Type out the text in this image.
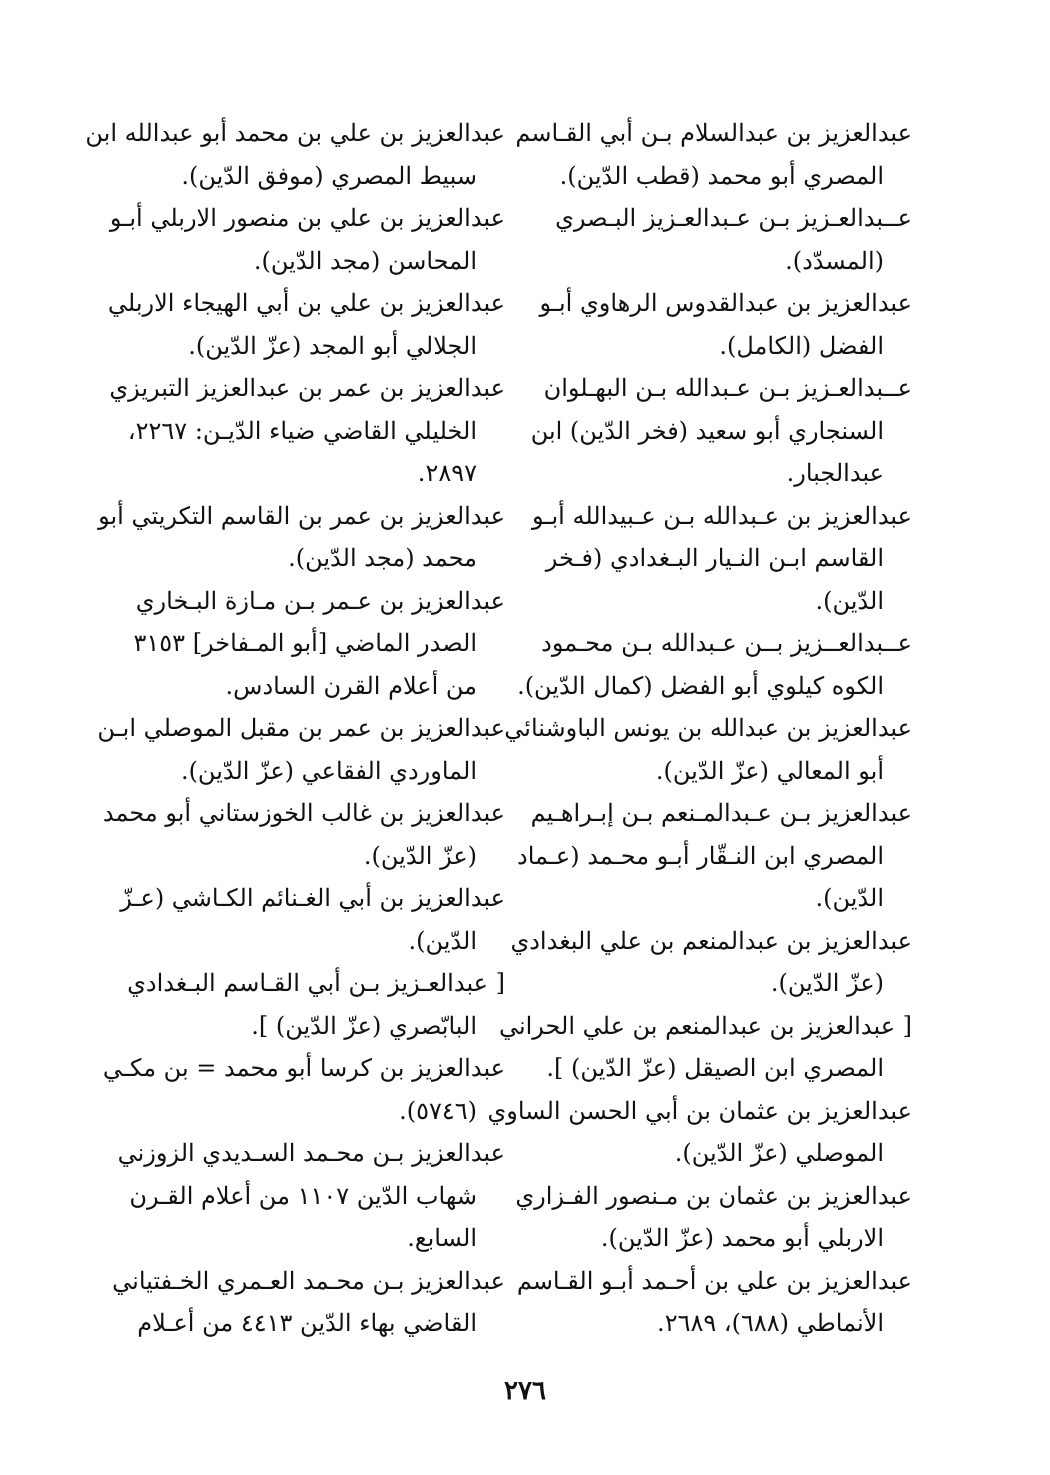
عبدالعزيز بن عبدالسلام بـن أبي القـاسم
المصري أبو محمد (قطب الدّين).
عــبدالعـزيز بـن عـبدالعـزيز البـصري
(المسدّد).
عبدالعزيز بن عبدالقدوس الرهاوي أبـو
الفضل (الكامل).
عــبدالعـزيز بـن عـبدالله بـن البهـلوان
السنجاري أبو سعيد (فخر الدّين) ابن
عبدالجبار.
عبدالعزيز بن عـبدالله بـن عـبيدالله أبـو
القاسم ابـن النـيار البـغدادي (فـخر
الدّين).
عــبدالعــزيز بــن عـبدالله بـن محـمود
الكوه كيلوي أبو الفضل (كمال الدّين).
عبدالعزيز بن عبدالله بن يونس الباوشنائي
أبو المعالي (عزّ الدّين).
عبدالعزيز بـن عـبدالمـنعم بـن إبـراهـيم
المصري ابن النـقّار أبـو محـمد (عـماد
الدّين).
عبدالعزيز بن عبدالمنعم بن علي البغدادي
(عزّ الدّين).
[ عبدالعزيز بن عبدالمنعم بن علي الحراني
المصري ابن الصيقل (عزّ الدّين) ].
عبدالعزيز بن عثمان بن أبي الحسن الساوي
الموصلي (عزّ الدّين).
عبدالعزيز بن عثمان بن مـنصور الفـزاري
الاربلي أبو محمد (عزّ الدّين).
عبدالعزيز بن علي بن أحـمد أبـو القـاسم
الأنماطي (٦٨٨)، ٢٦٨٩.
عبدالعزيز بن علي بن محمد أبو عبدالله ابن
سبيط المصري (موفق الدّين).
عبدالعزيز بن علي بن منصور الاربلي أبـو
المحاسن (مجد الدّين).
عبدالعزيز بن علي بن أبي الهيجاء الاربلي
الجلالي أبو المجد (عزّ الدّين).
عبدالعزيز بن عمر بن عبدالعزيز التبريزي
الخليلي القاضي ضياء الدّيـن: ٢٢٦٧،
٢٨٩٧.
عبدالعزيز بن عمر بن القاسم التكريتي أبو
محمد (مجد الدّين).
عبدالعزيز بن عـمر بـن مـازة البـخاري
الصدر الماضي [أبو المـفاخر] ٣١٥٣
من أعلام القرن السادس.
عبدالعزيز بن عمر بن مقبل الموصلي ابـن
الماوردي الفقاعي (عزّ الدّين).
عبدالعزيز بن غالب الخوزستاني أبو محمد
(عزّ الدّين).
عبدالعزيز بن أبي الغـنائم الكـاشي (عـزّ
الدّين).
[ عبدالعـزيز بـن أبي القـاسم البـغدادي
البابّصري (عزّ الدّين) ].
عبدالعزيز بن كرسا أبو محمد = بن مكـي
(٥٧٤٦).
عبدالعزيز بـن محـمد السـديدي الزوزني
شهاب الدّين ١١٠٧ من أعلام القـرن
السابع.
عبدالعزيز بـن محـمد العـمري الخـفتياني
القاضي بهاء الدّين ٤٤١٣ من أعـلام
٢٧٦
